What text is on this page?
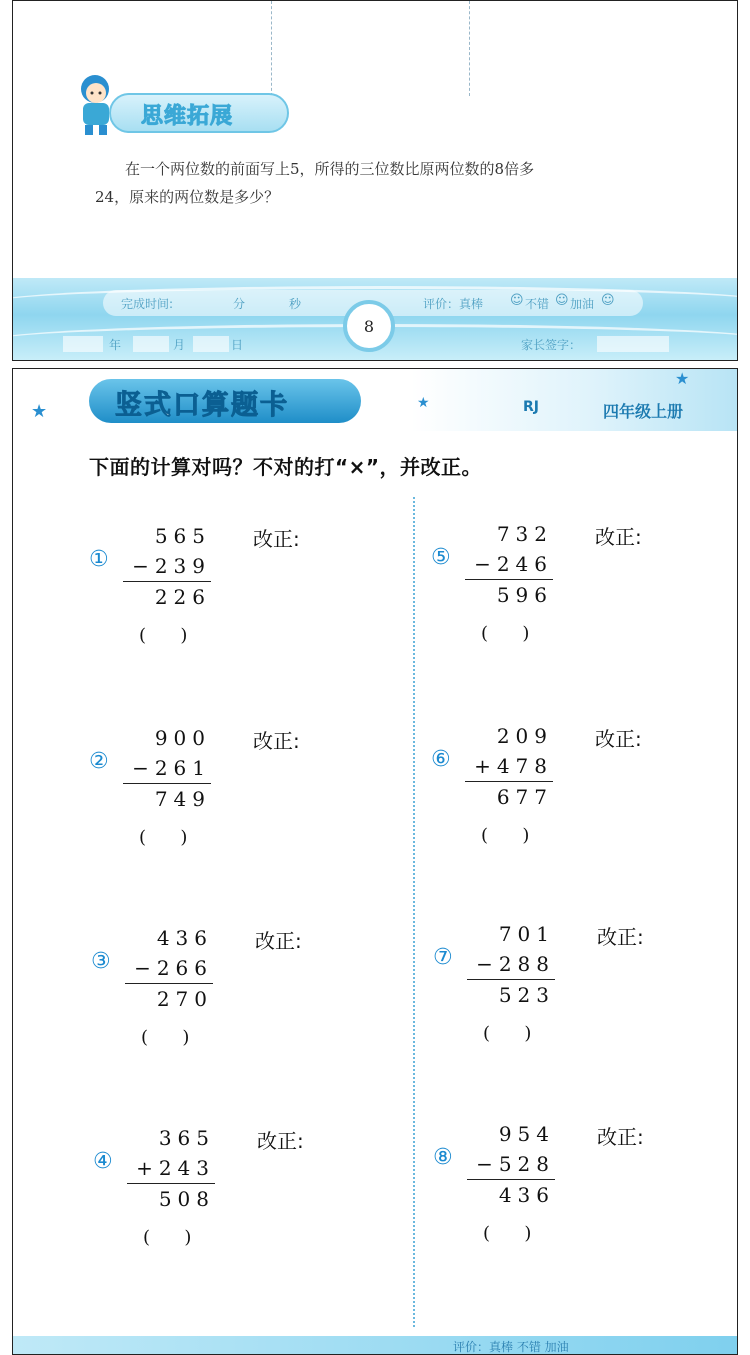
思维拓展
在一个两位数的前面写上5，所得的三位数比原两位数的8倍多
24，原来的两位数是多少？
完成时间:	分	秒	评价：真棒 ☺ 不错 ☺ 加油 ☺
8
年	月	日	家长签字：
★	★
★
竖式口算题卡	RJ	四年级上册
下面的计算对吗？不对的打“×”，并改正。
①
565
−239
226
(      )
改正:
②
900
−261
749
(      )
改正:
③
436
−266
270
(      )
改正:
④
365
+243
508
(      )
改正:
⑤
732
−246
596
(      )
改正:
⑥
209
+478
677
(      )
改正:
⑦
701
−288
523
(      )
改正:
⑧
954
−528
436
(      )
改正:
评价：真棒 不错 加油
